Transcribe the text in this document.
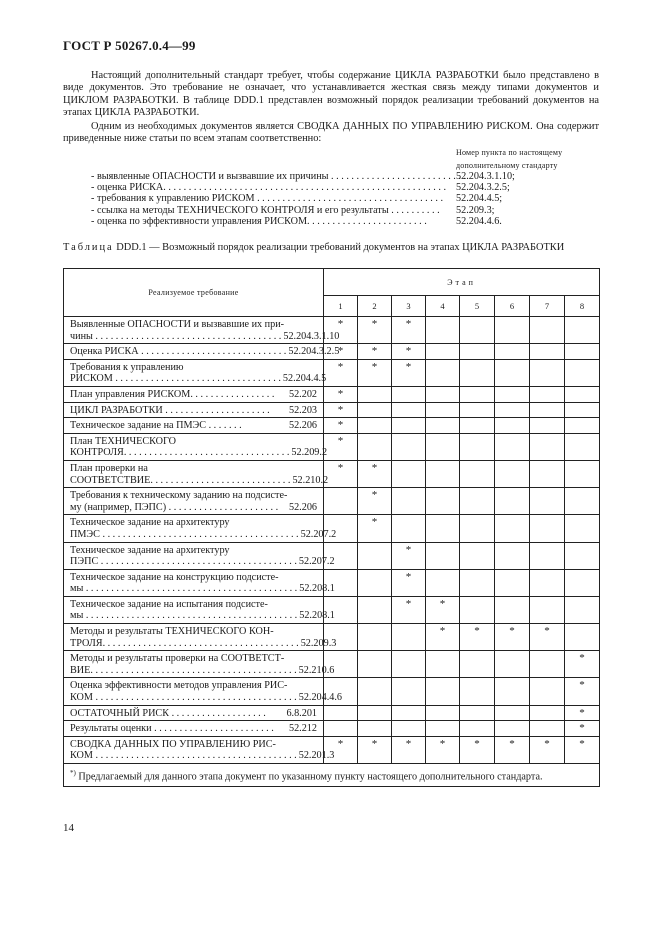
ГОСТ Р 50267.0.4—99

Настоящий дополнительный стандарт требует, чтобы содержание ЦИКЛА РАЗРАБОТКИ было представлено в виде документов. Это требование не означает, что устанавливается жесткая связь между типами документов и ЦИКЛОМ РАЗРАБОТКИ. В таблице DDD.1 представлен возможный порядок реализации требований документов на этапах ЦИКЛА РАЗРАБОТКИ.

Одним из необходимых документов является СВОДКА ДАННЫХ ПО УПРАВЛЕНИЮ РИСКОМ. Она содержит приведенные ниже статьи по всем этапам соответственно:

Номер пункта по настоящему
дополнительному стандарту
- выявленные ОПАСНОСТИ и вызвавшие их причины . . . . . . . . . . . . . . . . . . . . . . . . . . .
52.204.3.1.10;
- оценка РИСКА. . . . . . . . . . . . . . . . . . . . . . . . . . . . . . . . . . . . . . . . . . . . . . . . . . . . . . . . 52.204.3.2.5;
- требования к управлению РИСКОМ . . . . . . . . . . . . . . . . . . . . . . . . . . . . . . . . . . . . .	52.204.4.5;
- ссылка на методы ТЕХНИЧЕСКОГО КОНТРОЛЯ и его результаты . . . . . . . . . .	52.209.3;
- оценка по эффективности управления РИСКОМ. . . . . . . . . . . . . . . . . . . . . . . .	52.204.4.6.
Таблица DDD.1 — Возможный порядок реализации требований документов на этапах ЦИКЛА РАЗРАБОТКИ
Реализуемое требование	Этап							
	1	2	3	4	5	6	7	8

Выявленные ОПАСНОСТИ и вызвавшие их при-
чины . . . . . . . . . . . . . . . . . . . . . . . . . . . . . . . . . . . . . 52.204.3.1.10	*	*	*					

Оценка РИСКА . . . . . . . . . . . . . . . . . . . . . . . . . . . . . 52.204.3.2.5	*	*	*					

Требования к управлению
РИСКОМ . . . . . . . . . . . . . . . . . . . . . . . . . . . . . . . . . 52.204.4.5	*	*	*					

План управления РИСКОМ. . . . . . . . . . . . . . . . . 52.202	*							

ЦИКЛ РАЗРАБОТКИ . . . . . . . . . . . . . . . . . . . . . 52.203	*							

Техническое задание на ПМЭС . . . . . . . 52.206	*							

План ТЕХНИЧЕСКОГО
КОНТРОЛЯ. . . . . . . . . . . . . . . . . . . . . . . . . . . . . . . . . 52.209.2	*							

План проверки на
СООТВЕТСТВИЕ. . . . . . . . . . . . . . . . . . . . . . . . . . . . 52.210.2	*	*						

Требования к техническому заданию на подсисте-
му (например, ПЭПС) . . . . . . . . . . . . . . . . . . . . . . 52.206		*						

Техническое задание на архитектуру
ПМЭС . . . . . . . . . . . . . . . . . . . . . . . . . . . . . . . . . . . . . . . 52.207.2		*						

Техническое задание на архитектуру
ПЭПС . . . . . . . . . . . . . . . . . . . . . . . . . . . . . . . . . . . . . . . 52.207.2			*					

Техническое задание на конструкцию подсисте-
мы . . . . . . . . . . . . . . . . . . . . . . . . . . . . . . . . . . . . . . . . . . 52.208.1			*					

Техническое задание на испытания подсисте-
мы . . . . . . . . . . . . . . . . . . . . . . . . . . . . . . . . . . . . . . . . . . 52.208.1			*	*				

Методы и результаты ТЕХНИЧЕСКОГО КОН-
ТРОЛЯ. . . . . . . . . . . . . . . . . . . . . . . . . . . . . . . . . . . . . . . 52.209.3				*	*	*	*	

Методы и результаты проверки на СООТВЕТСТ-
ВИЕ. . . . . . . . . . . . . . . . . . . . . . . . . . . . . . . . . . . . . . . . . 52.210.6								*

Оценка эффективности методов управления РИС-
КОМ . . . . . . . . . . . . . . . . . . . . . . . . . . . . . . . . . . . . . . . . 52.204.4.6								*

ОСТАТОЧНЫЙ РИСК . . . . . . . . . . . . . . . . . . . 6.8.201								*

Результаты оценки . . . . . . . . . . . . . . . . . . . . . . . . 52.212								*

СВОДКА ДАННЫХ ПО УПРАВЛЕНИЮ РИС-
КОМ . . . . . . . . . . . . . . . . . . . . . . . . . . . . . . . . . . . . . . . . 52.201.3	*	*	*	*	*	*	*	*
*) Предлагаемый для данного этапа документ по указанному пункту настоящего дополнительного стандарта.								
14
